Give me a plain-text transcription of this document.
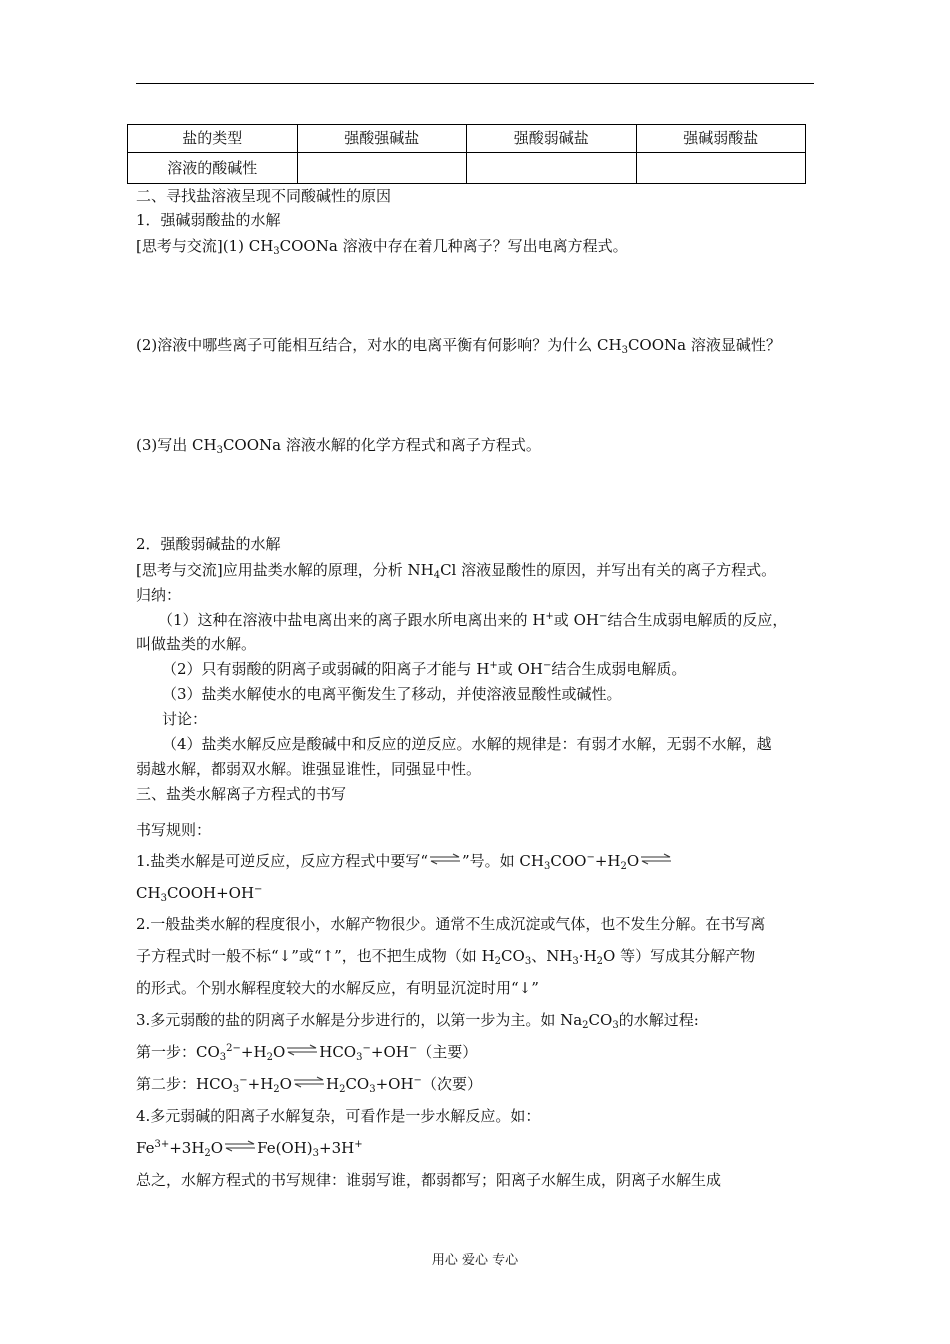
盐的类型	强酸强碱盐	强酸弱碱盐	强碱弱酸盐
溶液的酸碱性			
二、寻找盐溶液呈现不同酸碱性的原因
1．强碱弱酸盐的水解
[思考与交流](1) $CH_3COONa$ 溶液中存在着几种离子？写出电离方程式。
(2)溶液中哪些离子可能相互结合，对水的电离平衡有何影响？为什么 $CH_3COONa$ 溶液显碱性？
(3)写出 $CH_3COONa$ 溶液水解的化学方程式和离子方程式。
2．强酸弱碱盐的水解
[思考与交流]应用盐类水解的原理，分析 $NH_4Cl$ 溶液显酸性的原因，并写出有关的离子方程式。
归纳：
（1）这种在溶液中盐电离出来的离子跟水所电离出来的 H+或 OH−结合生成弱电解质的反应，
叫做盐类的水解。
（2）只有弱酸的阴离子或弱碱的阳离子才能与 H+或 OH−结合生成弱电解质。
（3）盐类水解使水的电离平衡发生了移动，并使溶液显酸性或碱性。
讨论：
（4）盐类水解反应是酸碱中和反应的逆反应。水解的规律是：有弱才水解，无弱不水解，越
弱越水解，都弱双水解。谁强显谁性，同强显中性。
三、盐类水解离子方程式的书写
书写规则：
1.盐类水解是可逆反应，反应方程式中要写“⇌”号。如 $CH_3COO^-+H_2O\rightleftharpoons$
$CH_3COOH+OH^-$
2.一般盐类水解的程度很小，水解产物很少。通常不生成沉淀或气体，也不发生分解。在书写离
子方程式时一般不标“↓”或“↑”，也不把生成物（如 $H_2CO_3$、$NH_3\cdot H_2O$ 等）写成其分解产物
的形式。个别水解程度较大的水解反应，有明显沉淀时用“↓”
3.多元弱酸的盐的阴离子水解是分步进行的，以第一步为主。如 $Na_2CO_3$的水解过程:
第一步：$CO_3^{2-}+H_2O\rightleftharpoons HCO_3^-+OH^-$（主要）
第二步：$HCO_3^-+H_2O\rightleftharpoons H_2CO_3+OH^-$（次要）
4.多元弱碱的阳离子水解复杂，可看作是一步水解反应。如：
$Fe^{3+}+3H_2O\rightleftharpoons Fe(OH)_3+3H^+$
总之，水解方程式的书写规律：谁弱写谁，都弱都写；阳离子水解生成，阴离子水解生成
用心 爱心 专心
